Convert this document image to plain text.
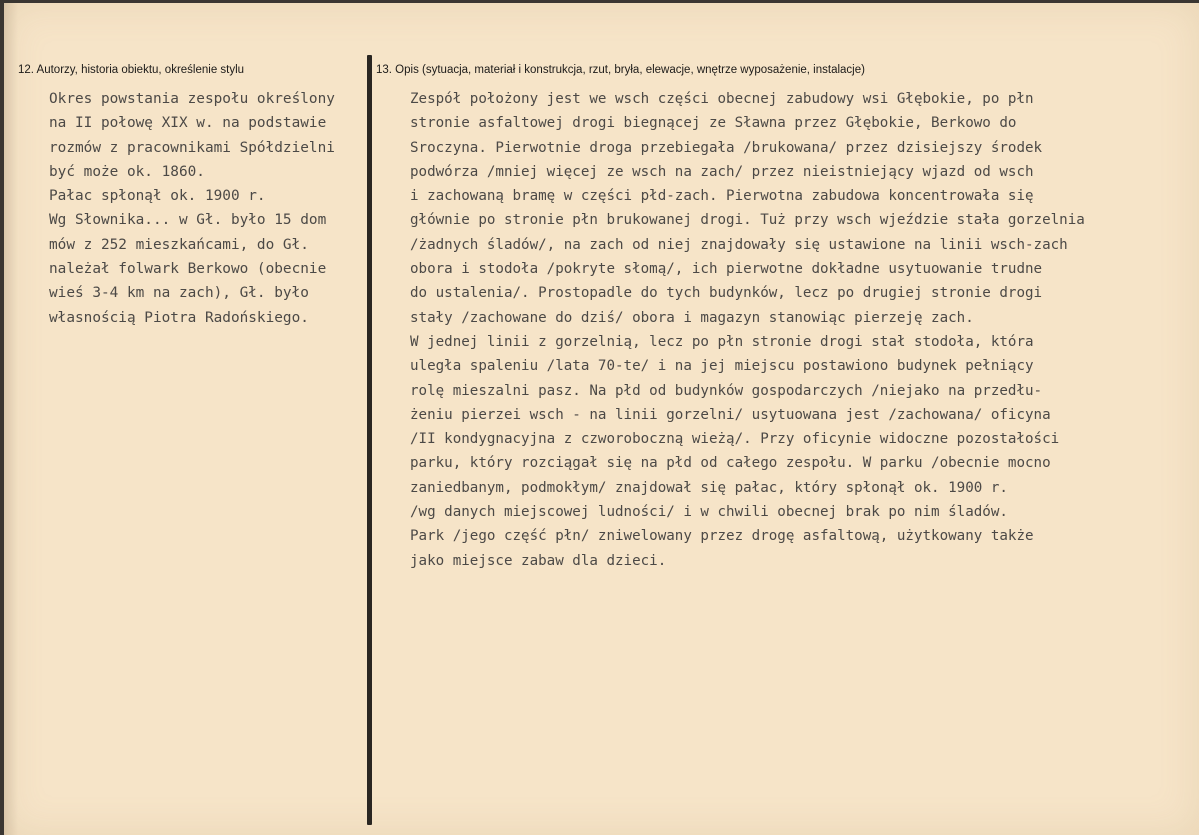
12. Autorzy, historia obiektu, określenie stylu	13. Opis (sytuacja, materiał i konstrukcja, rzut, bryła, elewacje, wnętrze wyposażenie, instalacje)
Okres powstania zespołu określony
na II połowę XIX w. na podstawie
rozmów z pracownikami Spółdzielni
być może ok. 1860.
Pałac spłonął ok. 1900 r.
Wg Słownika... w Gł. było 15 dom
mów z 252 mieszkańcami, do Gł.
należał folwark Berkowo (obecnie
wieś 3-4 km na zach), Gł. było
własnością Piotra Radońskiego.
Zespół położony jest we wsch części obecnej zabudowy wsi Głębokie, po płn
stronie asfaltowej drogi biegnącej ze Sławna przez Głębokie, Berkowo do
Sroczyna. Pierwotnie droga przebiegała /brukowana/ przez dzisiejszy środek
podwórza /mniej więcej ze wsch na zach/ przez nieistniejący wjazd od wsch
i zachowaną bramę w części płd-zach. Pierwotna zabudowa koncentrowała się
głównie po stronie płn brukowanej drogi. Tuż przy wsch wjeździe stała gorzelnia
/żadnych śladów/, na zach od niej znajdowały się ustawione na linii wsch-zach
obora i stodoła /pokryte słomą/, ich pierwotne dokładne usytuowanie trudne
do ustalenia/. Prostopadle do tych budynków, lecz po drugiej stronie drogi
stały /zachowane do dziś/ obora i magazyn stanowiąc pierzeję zach.
W jednej linii z gorzelnią, lecz po płn stronie drogi stał stodoła, która
uległa spaleniu /lata 70-te/ i na jej miejscu postawiono budynek pełniący
rolę mieszalni pasz. Na płd od budynków gospodarczych /niejako na przedłu-
żeniu pierzei wsch - na linii gorzelni/ usytuowana jest /zachowana/ oficyna
/II kondygnacyjna z czworoboczną wieżą/. Przy oficynie widoczne pozostałości
parku, który rozciągał się na płd od całego zespołu. W parku /obecnie mocno
zaniedbanym, podmokłym/ znajdował się pałac, który spłonął ok. 1900 r.
/wg danych miejscowej ludności/ i w chwili obecnej brak po nim śladów.
Park /jego część płn/ zniwelowany przez drogę asfaltową, użytkowany także
jako miejsce zabaw dla dzieci.
